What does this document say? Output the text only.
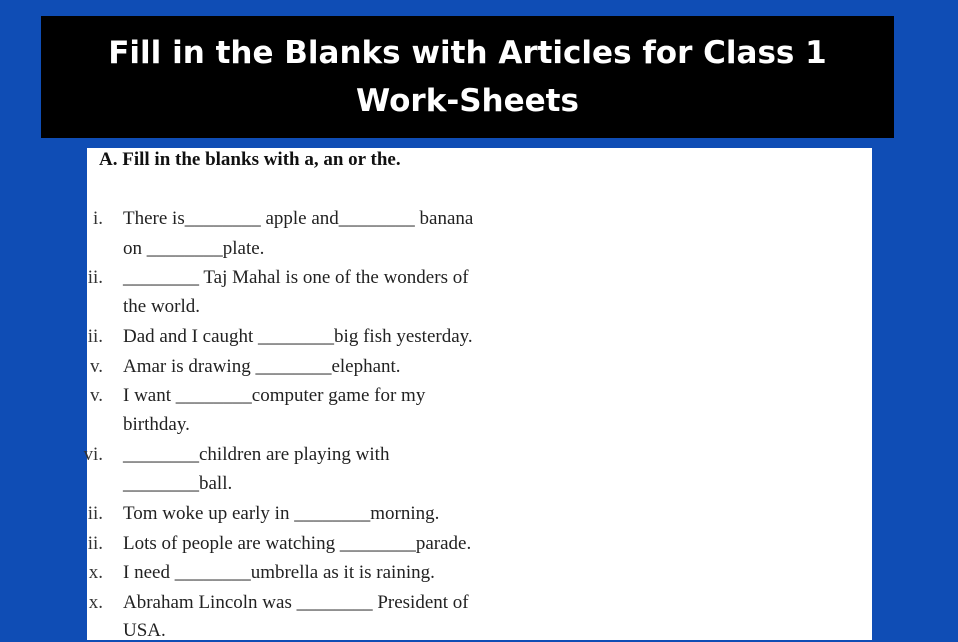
Fill in the Blanks with Articles for Class 1
Work-Sheets
A. Fill in the blanks with a, an or the.
i. There is________ apple and________ banana
on ________plate.
ii. ________ Taj Mahal is one of the wonders of
the world.
ii. Dad and I caught ________big fish yesterday.
v. Amar is drawing ________elephant.
v. I want ________computer game for my
birthday.
vi. ________children are playing with
________ball.
ii. Tom woke up early in ________morning.
ii. Lots of people are watching ________parade.
x. I need ________umbrella as it is raining.
x. Abraham Lincoln was ________ President of
USA.
